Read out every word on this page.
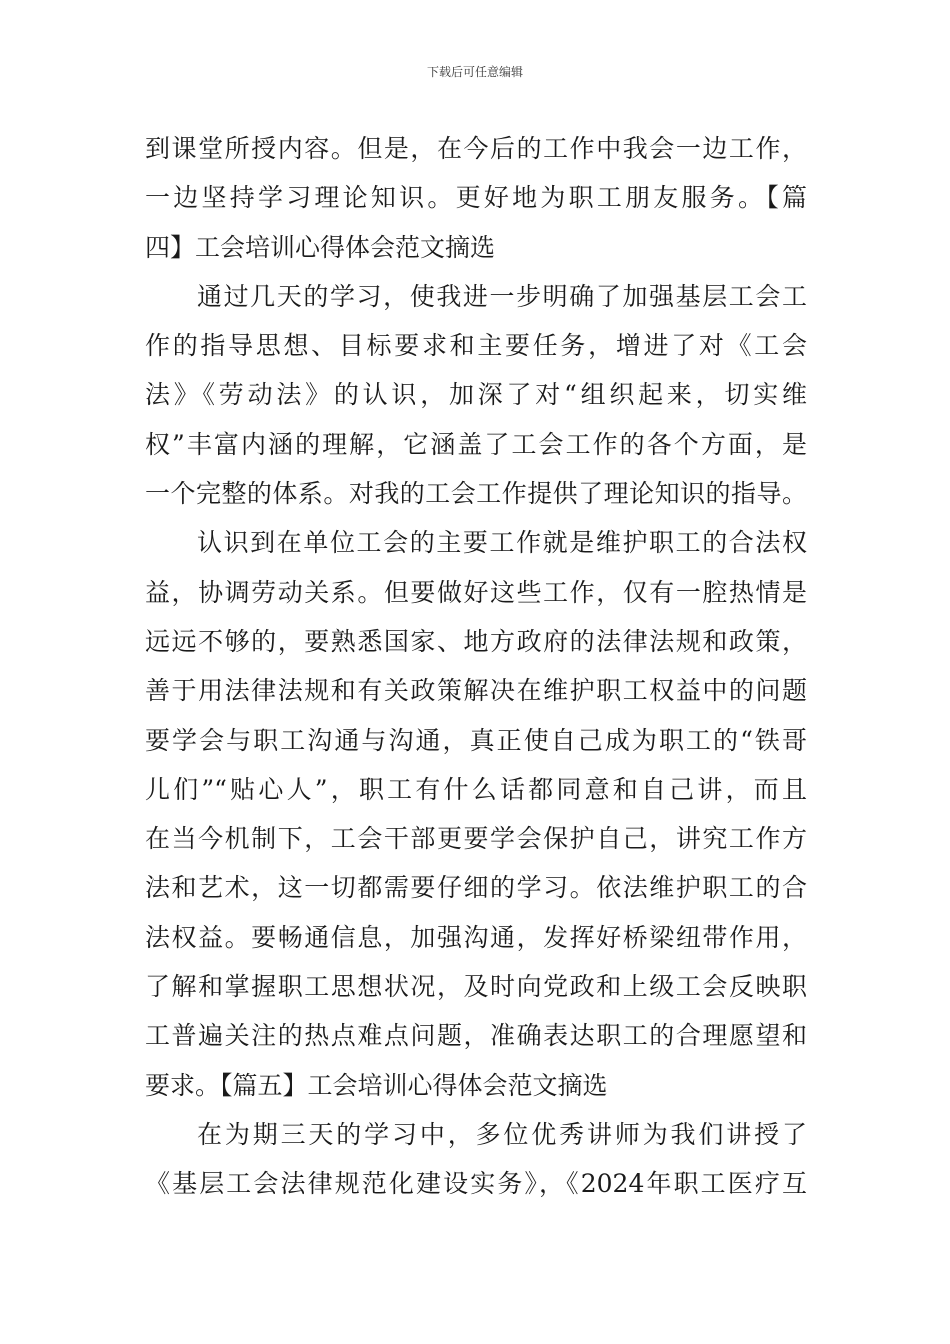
下载后可任意编辑
到课堂所授内容。但是，在今后的工作中我会一边工作，
一边坚持学习理论知识。更好地为职工朋友服务。【篇
四】工会培训心得体会范文摘选
通过几天的学习，使我进一步明确了加强基层工会工
作的指导思想、目标要求和主要任务，增进了对《工会
法》《劳动法》的认识，加深了对“组织起来，切实维
权”丰富内涵的理解，它涵盖了工会工作的各个方面，是
一个完整的体系。对我的工会工作提供了理论知识的指导。
认识到在单位工会的主要工作就是维护职工的合法权
益，协调劳动关系。但要做好这些工作，仅有一腔热情是
远远不够的，要熟悉国家、地方政府的法律法规和政策，
善于用法律法规和有关政策解决在维护职工权益中的问题
要学会与职工沟通与沟通，真正使自己成为职工的“铁哥
儿们”“贴心人”，职工有什么话都同意和自己讲，而且
在当今机制下，工会干部更要学会保护自己，讲究工作方
法和艺术，这一切都需要仔细的学习。依法维护职工的合
法权益。要畅通信息，加强沟通，发挥好桥梁纽带作用，
了解和掌握职工思想状况，及时向党政和上级工会反映职
工普遍关注的热点难点问题，准确表达职工的合理愿望和
要求。【篇五】工会培训心得体会范文摘选
在为期三天的学习中，多位优秀讲师为我们讲授了
《基层工会法律规范化建设实务》，《2024年职工医疗互
